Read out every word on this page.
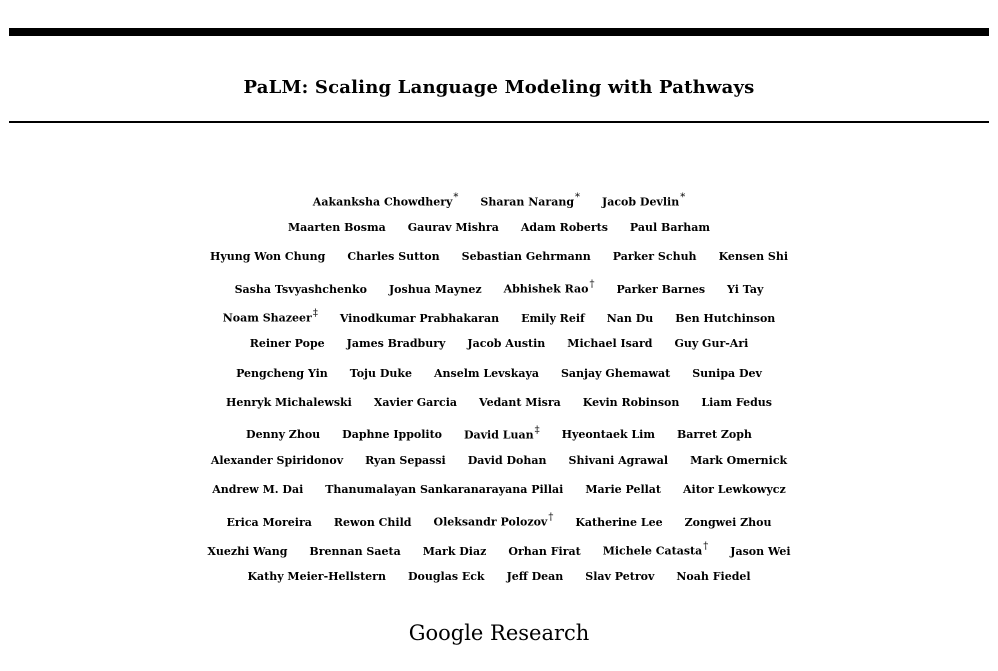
PaLM: Scaling Language Modeling with Pathways
Aakanksha Chowdhery* Sharan Narang* Jacob Devlin*
Maarten Bosma Gaurav Mishra Adam Roberts Paul Barham
Hyung Won Chung Charles Sutton Sebastian Gehrmann Parker Schuh Kensen Shi
Sasha Tsvyashchenko Joshua Maynez Abhishek Rao† Parker Barnes Yi Tay
Noam Shazeer‡ Vinodkumar Prabhakaran Emily Reif Nan Du Ben Hutchinson
Reiner Pope James Bradbury Jacob Austin Michael Isard Guy Gur-Ari
Pengcheng Yin Toju Duke Anselm Levskaya Sanjay Ghemawat Sunipa Dev
Henryk Michalewski Xavier Garcia Vedant Misra Kevin Robinson Liam Fedus
Denny Zhou Daphne Ippolito David Luan‡ Hyeontaek Lim Barret Zoph
Alexander Spiridonov Ryan Sepassi David Dohan Shivani Agrawal Mark Omernick
Andrew M. Dai Thanumalayan Sankaranarayana Pillai Marie Pellat Aitor Lewkowycz
Erica Moreira Rewon Child Oleksandr Polozov† Katherine Lee Zongwei Zhou
Xuezhi Wang Brennan Saeta Mark Diaz Orhan Firat Michele Catasta† Jason Wei
Kathy Meier-Hellstern Douglas Eck Jeff Dean Slav Petrov Noah Fiedel
Google Research
